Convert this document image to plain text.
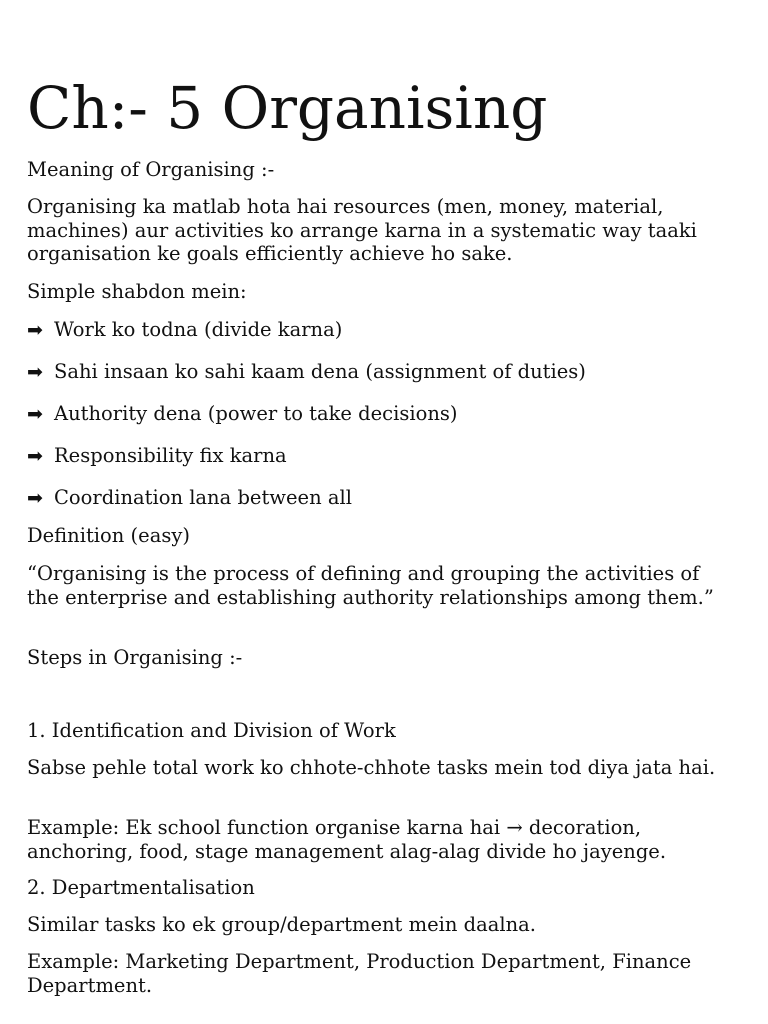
Ch:- 5 Organising

Meaning of Organising :-

Organising ka matlab hota hai resources (men, money, material, machines) aur activities ko arrange karna in a systematic way taaki organisation ke goals efficiently achieve ho sake.

Simple shabdon mein:

➡ Work ko todna (divide karna)

➡ Sahi insaan ko sahi kaam dena (assignment of duties)

➡ Authority dena (power to take decisions)

➡ Responsibility fix karna

➡ Coordination lana between all

Definition (easy)

“Organising is the process of defining and grouping the activities of the enterprise and establishing authority relationships among them.”

Steps in Organising :-

1. Identification and Division of Work

Sabse pehle total work ko chhote-chhote tasks mein tod diya jata hai.

Example: Ek school function organise karna hai → decoration, anchoring, food, stage management alag-alag divide ho jayenge.

2. Departmentalisation

Similar tasks ko ek group/department mein daalna.

Example: Marketing Department, Production Department, Finance Department.
